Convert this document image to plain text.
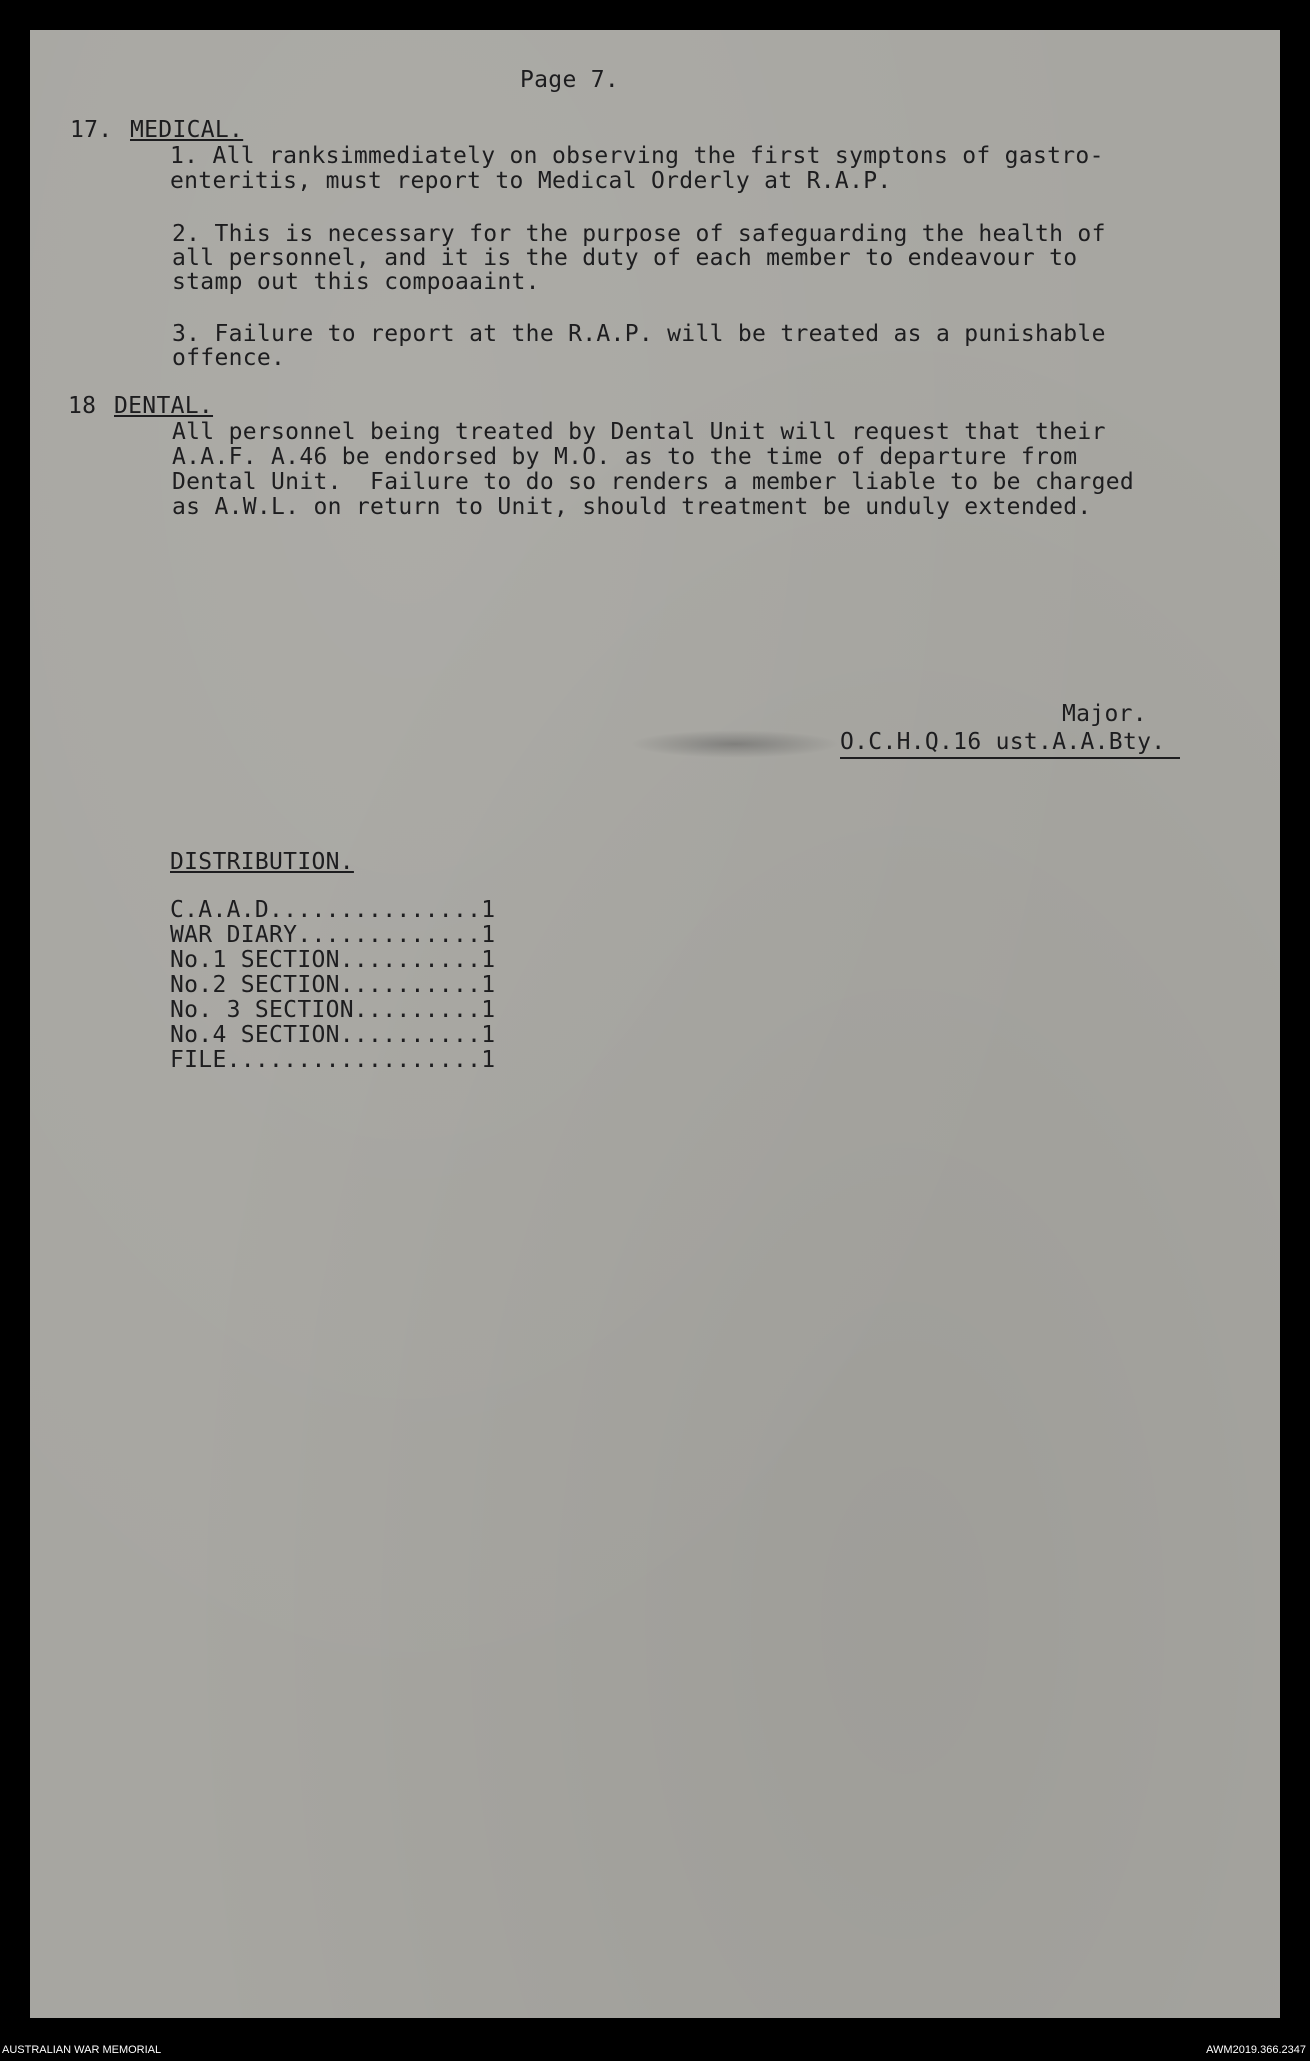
Page 7.
17. MEDICAL.
1. All ranksimmediately on observing the first symptons of gastro-
enteritis, must report to Medical Orderly at R.A.P.
2. This is necessary for the purpose of safeguarding the health of
all personnel, and it is the duty of each member to endeavour to
stamp out this compoaaint.
3. Failure to report at the R.A.P. will be treated as a punishable
offence.
18 DENTAL.
All personnel being treated by Dental Unit will request that their
A.A.F. A.46 be endorsed by M.O. as to the time of departure from
Dental Unit.  Failure to do so renders a member liable to be charged
as A.W.L. on return to Unit, should treatment be unduly extended.
Major.
O.C.H.Q.16 ust.A.A.Bty.
DISTRIBUTION.
C.A.A.D...............1
WAR DIARY.............1
No.1 SECTION..........1
No.2 SECTION..........1
No. 3 SECTION.........1
No.4 SECTION..........1
FILE..................1
AUSTRALIAN WAR MEMORIAL	AWM2019.366.2347
